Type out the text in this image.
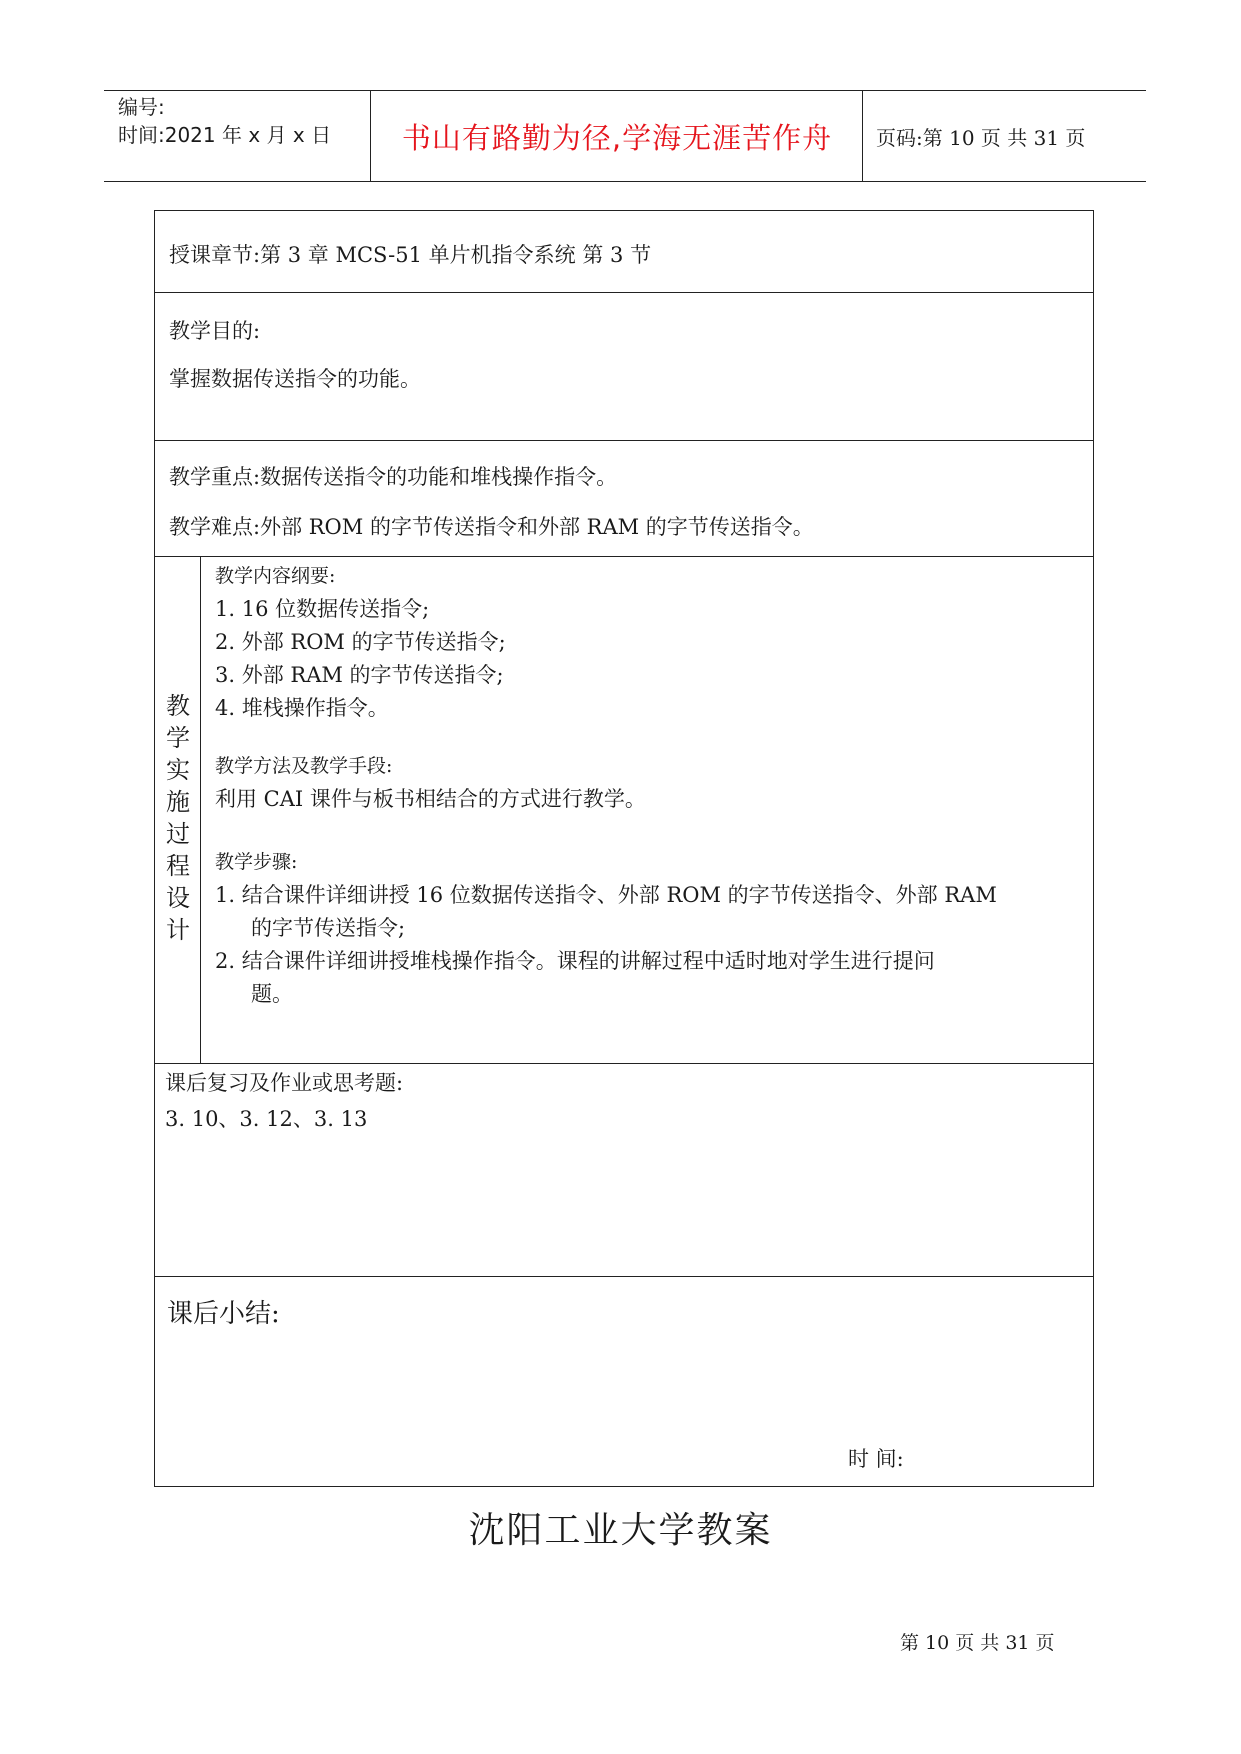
编号:
时间:2021 年 x 月 x 日	书山有路勤为径,学海无涯苦作舟	页码:第 10 页 共 31 页
授课章节:第 3 章 MCS-51 单片机指令系统 第 3 节
教学目的:
掌握数据传送指令的功能。
教学重点:数据传送指令的功能和堆栈操作指令。
教学难点:外部 ROM 的字节传送指令和外部 RAM 的字节传送指令。
教
学
实
施
过
程
设
计
教学内容纲要:
1. 16 位数据传送指令;
2. 外部 ROM 的字节传送指令;
3. 外部 RAM 的字节传送指令;
4. 堆栈操作指令。
教学方法及教学手段:
利用 CAI 课件与板书相结合的方式进行教学。
教学步骤:
1. 结合课件详细讲授 16 位数据传送指令、外部 ROM 的字节传送指令、外部 RAM
的字节传送指令;
2. 结合课件详细讲授堆栈操作指令。课程的讲解过程中适时地对学生进行提问
题。
课后复习及作业或思考题:
3. 10、3. 12、3. 13
课后小结:
时 间:
沈阳工业大学教案
第 10 页 共 31 页
